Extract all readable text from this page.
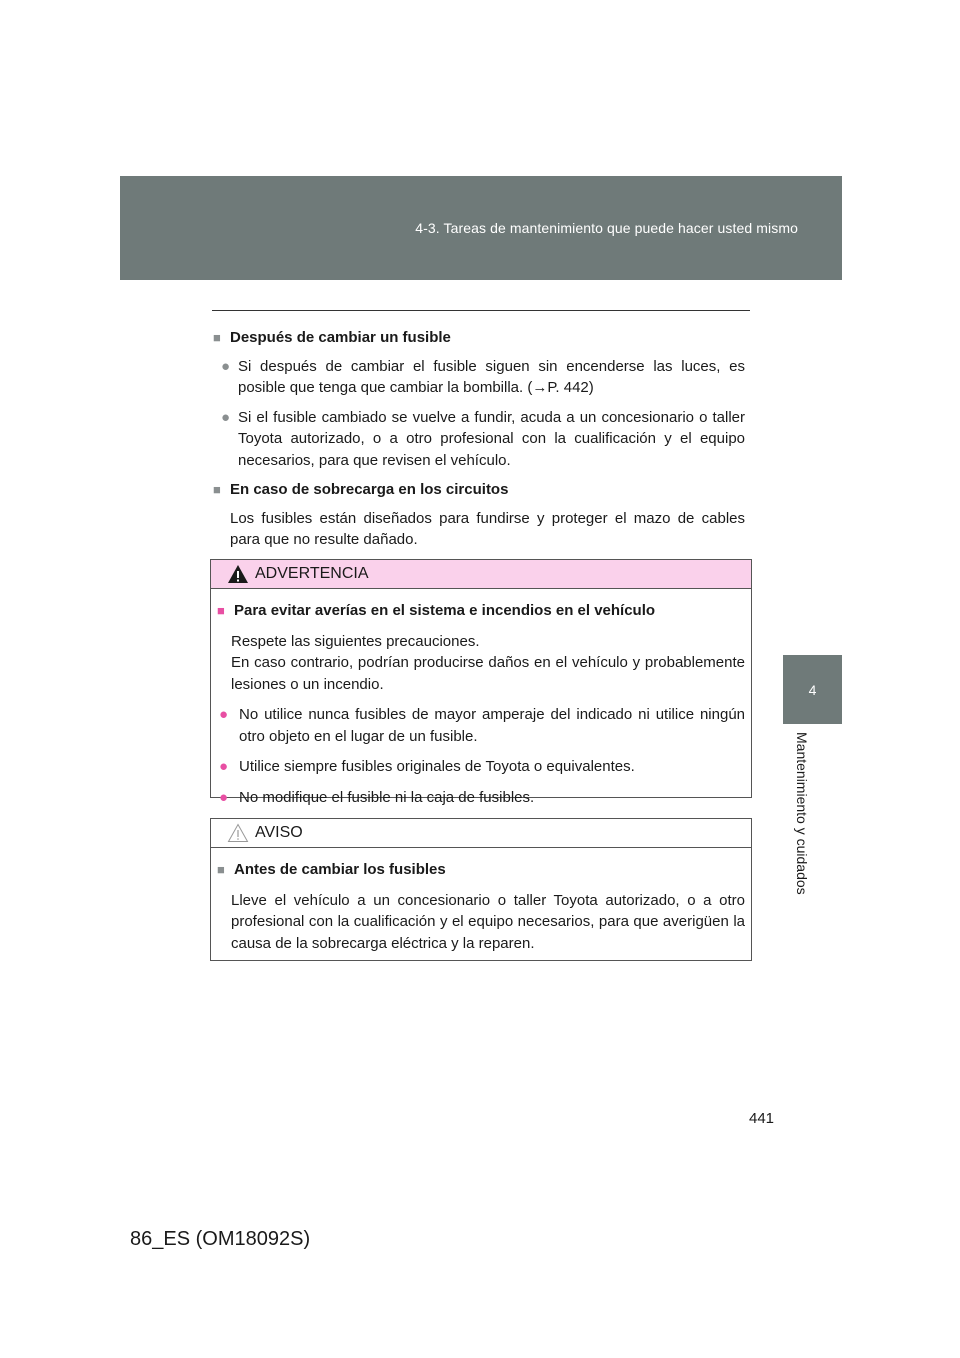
4-3. Tareas de mantenimiento que puede hacer usted mismo
4
Mantenimiento y cuidados
■ Después de cambiar un fusible
● Si después de cambiar el fusible siguen sin encenderse las luces, es posible que tenga que cambiar la bombilla. (→P. 442)
● Si el fusible cambiado se vuelve a fundir, acuda a un concesionario o taller Toyota autorizado, o a otro profesional con la cualificación y el equipo necesarios, para que revisen el vehículo.
■ En caso de sobrecarga en los circuitos
Los fusibles están diseñados para fundirse y proteger el mazo de cables para que no resulte dañado.
ADVERTENCIA
■ Para evitar averías en el sistema e incendios en el vehículo
Respete las siguientes precauciones.
En caso contrario, podrían producirse daños en el vehículo y probablemente lesiones o un incendio.
● No utilice nunca fusibles de mayor amperaje del indicado ni utilice ningún otro objeto en el lugar de un fusible.
● Utilice siempre fusibles originales de Toyota o equivalentes.
● No modifique el fusible ni la caja de fusibles.
AVISO
■ Antes de cambiar los fusibles
Lleve el vehículo a un concesionario o taller Toyota autorizado, o a otro profesional con la cualificación y el equipo necesarios, para que averigüen la causa de la sobrecarga eléctrica y la reparen.
441
86_ES (OM18092S)
